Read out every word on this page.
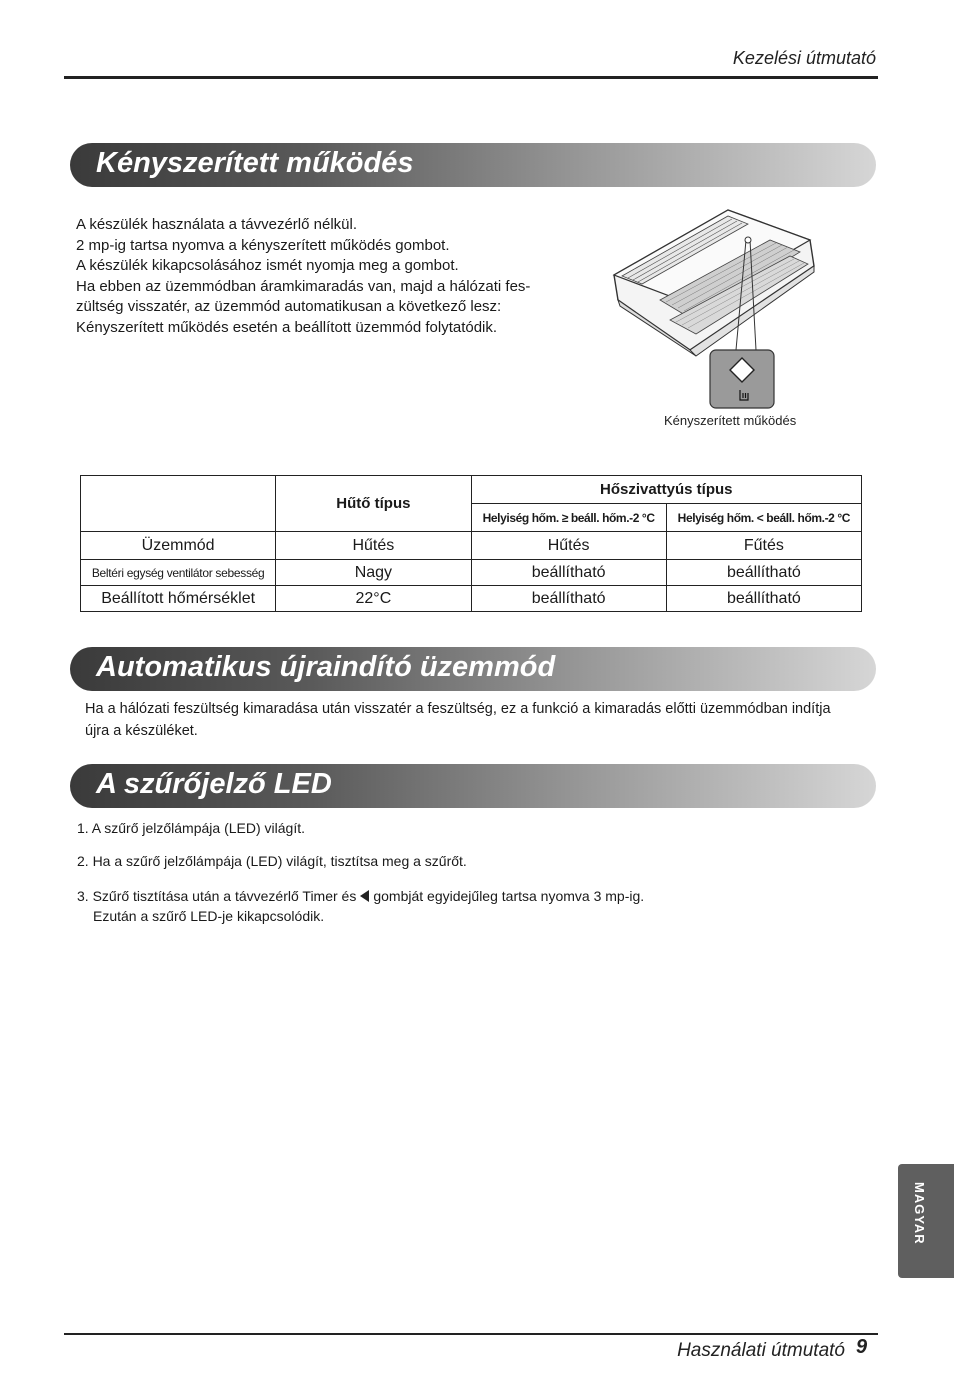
Kezelési útmutató
Kényszerített működés
A készülék használata a távvezérlő nélkül.
2 mp-ig tartsa nyomva a kényszerített működés gombot.
A készülék kikapcsolásához ismét nyomja meg a gombot.
Ha ebben az üzemmódban áramkimaradás van, majd a hálózati fes-
zültség visszatér, az üzemmód automatikusan a következő lesz:
Kényszerített működés esetén a beállított üzemmód folytatódik.
Kényszerített működés
	Hűtő típus	Hőszivattyús típus	
		Helyiség hőm. ≥ beáll. hőm.-2 °C	Helyiség hőm. < beáll. hőm.-2 °C
Üzemmód	Hűtés	Hűtés	Fűtés
Beltéri egység ventilátor sebesség	Nagy	beállítható	beállítható
Beállított hőmérséklet	22°C	beállítható	beállítható
Automatikus újraindító üzemmód
Ha a hálózati feszültség kimaradása után visszatér a feszültség, ez a funkció a kimaradás előtti üzemmódban indítja
újra a készüléket.
A szűrőjelző LED
1. A szűrő jelzőlámpája (LED) világít.
2. Ha a szűrő jelzőlámpája (LED) világít, tisztítsa meg a szűrőt.
3. Szűrő tisztítása után a távvezérlő Timer és gombját egyidejűleg tartsa nyomva 3 mp-ig.
Ezután a szűrő LED-je kikapcsolódik.
MAGYAR
Használati útmutató 9
